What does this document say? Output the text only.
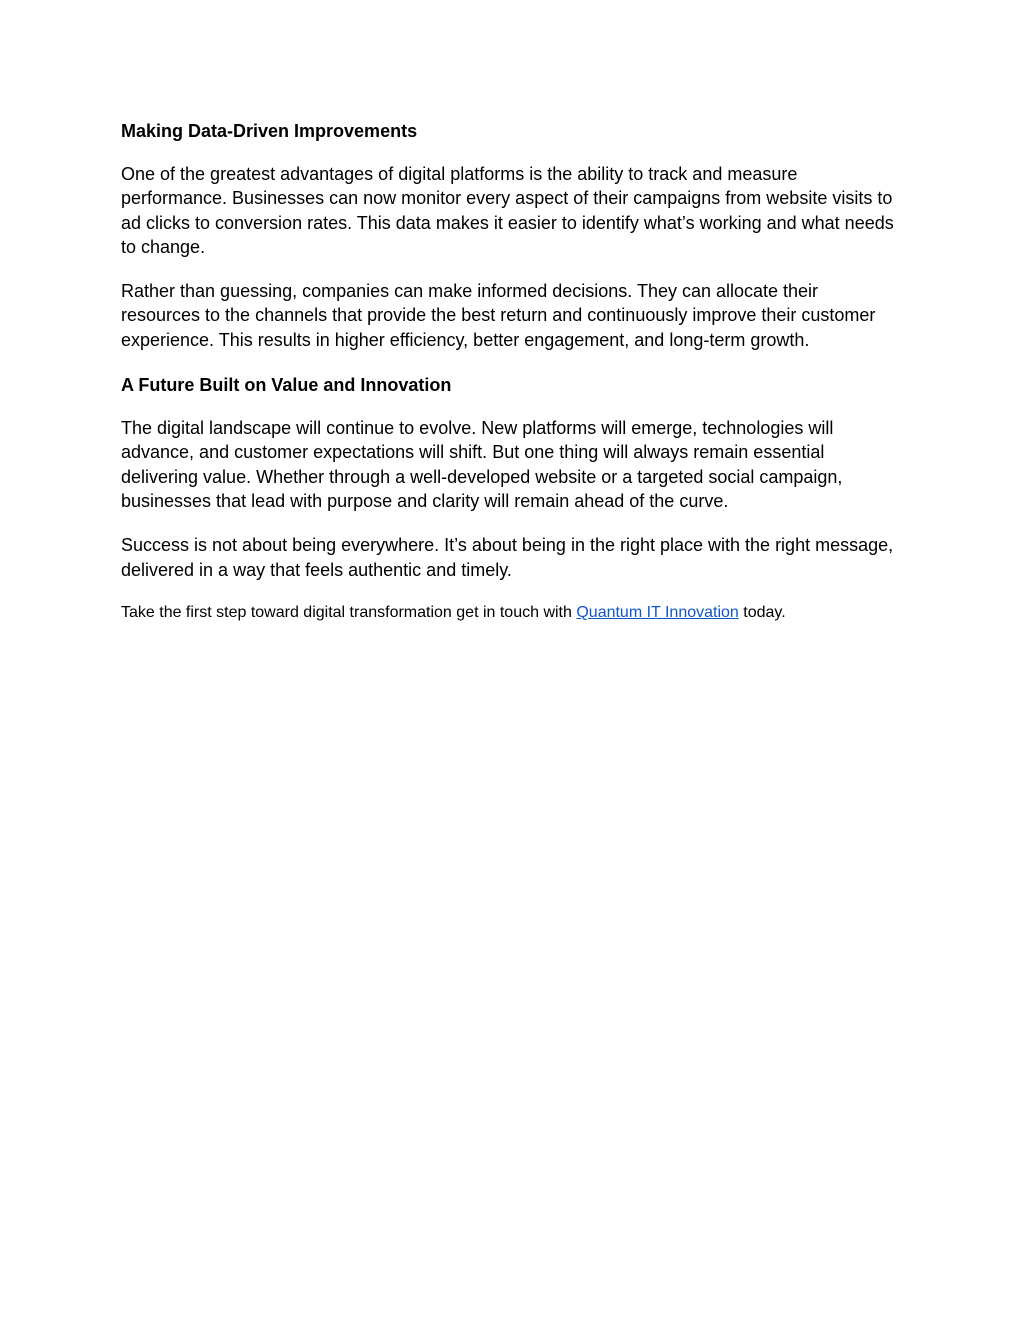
Making Data-Driven Improvements

One of the greatest advantages of digital platforms is the ability to track and measure performance. Businesses can now monitor every aspect of their campaigns from website visits to ad clicks to conversion rates. This data makes it easier to identify what’s working and what needs to change.

Rather than guessing, companies can make informed decisions. They can allocate their resources to the channels that provide the best return and continuously improve their customer experience. This results in higher efficiency, better engagement, and long-term growth.

A Future Built on Value and Innovation

The digital landscape will continue to evolve. New platforms will emerge, technologies will advance, and customer expectations will shift. But one thing will always remain essential delivering value. Whether through a well-developed website or a targeted social campaign, businesses that lead with purpose and clarity will remain ahead of the curve.

Success is not about being everywhere. It’s about being in the right place with the right message, delivered in a way that feels authentic and timely.

Take the first step toward digital transformation get in touch with Quantum IT Innovation today.
